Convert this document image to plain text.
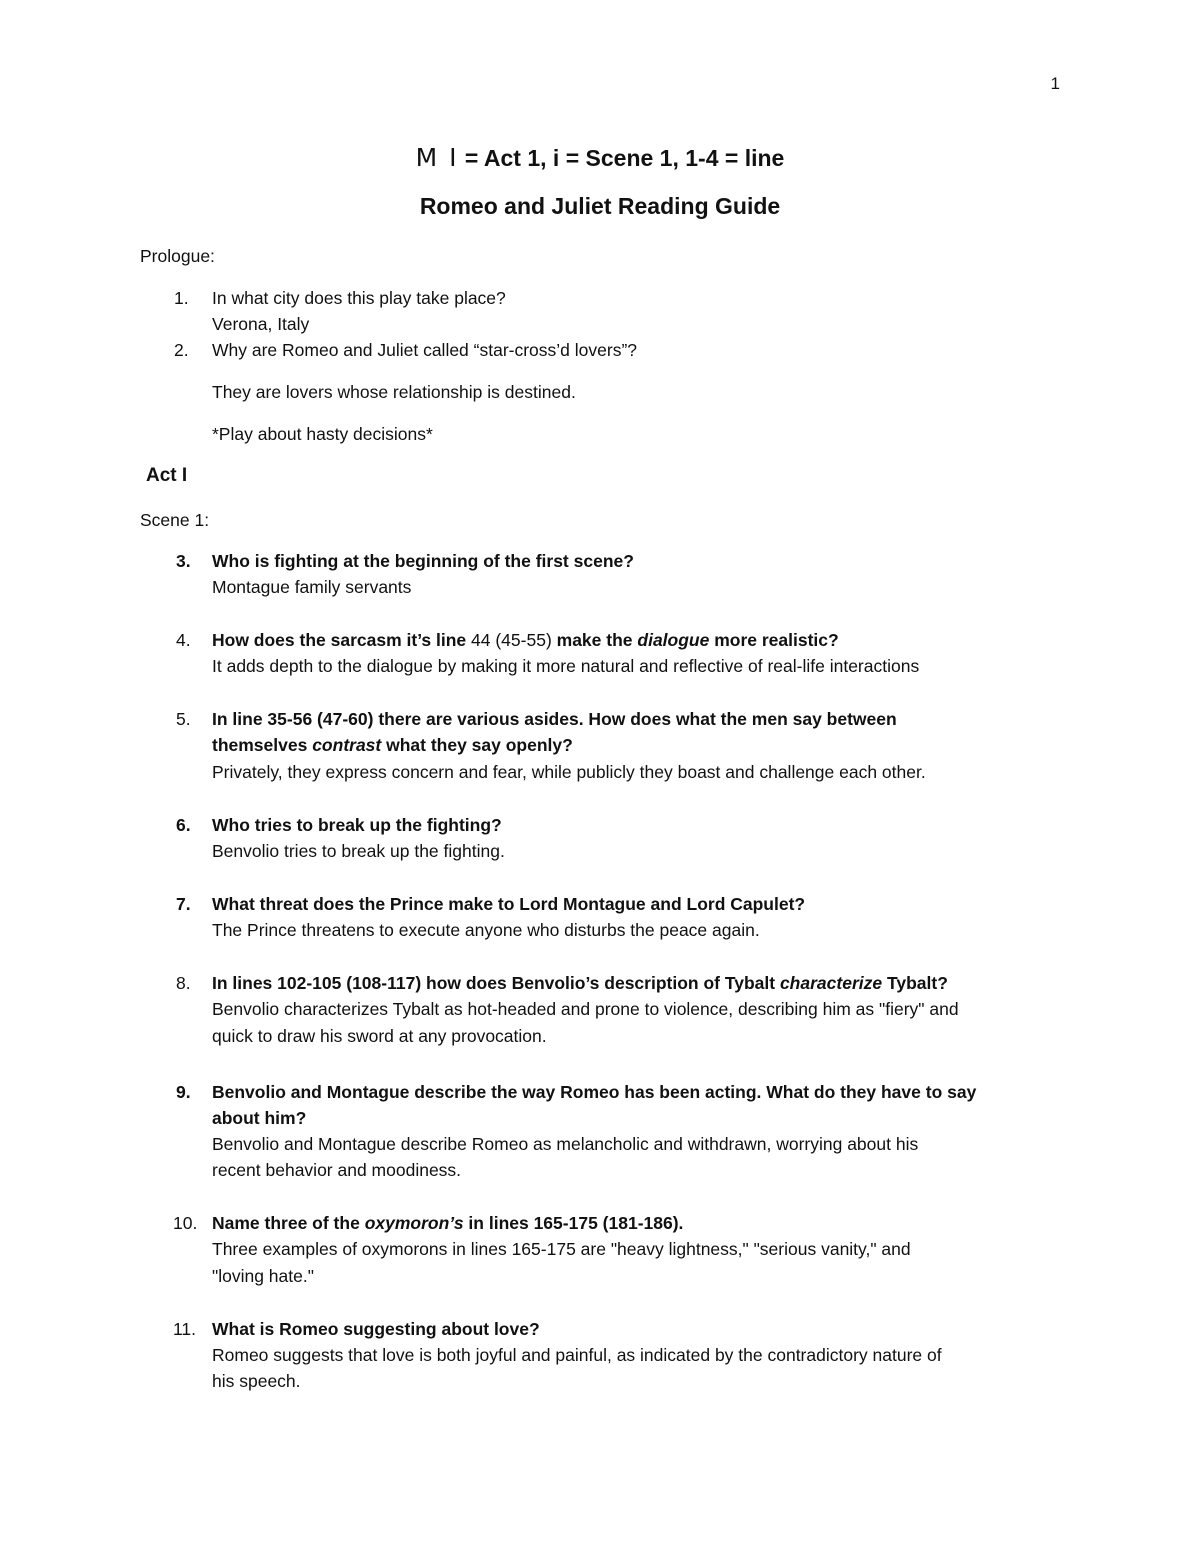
1
M I = Act 1, i = Scene 1, 1-4 = line
Romeo and Juliet Reading Guide
Prologue:
1. In what city does this play take place?
Verona, Italy
2. Why are Romeo and Juliet called “star-cross’d lovers”?
They are lovers whose relationship is destined.
*Play about hasty decisions*
Act I
Scene 1:
3. Who is fighting at the beginning of the first scene?
Montague family servants
4. How does the sarcasm it’s line 44 (45-55) make the dialogue more realistic?
It adds depth to the dialogue by making it more natural and reflective of real-life interactions
5. In line 35-56 (47-60) there are various asides. How does what the men say between
themselves contrast what they say openly?
Privately, they express concern and fear, while publicly they boast and challenge each other.
6. Who tries to break up the fighting?
Benvolio tries to break up the fighting.
7. What threat does the Prince make to Lord Montague and Lord Capulet?
The Prince threatens to execute anyone who disturbs the peace again.
8. In lines 102-105 (108-117) how does Benvolio’s description of Tybalt characterize Tybalt?
Benvolio characterizes Tybalt as hot-headed and prone to violence, describing him as "fiery" and
quick to draw his sword at any provocation.
9. Benvolio and Montague describe the way Romeo has been acting. What do they have to say
about him?
Benvolio and Montague describe Romeo as melancholic and withdrawn, worrying about his
recent behavior and moodiness.
10. Name three of the oxymoron’s in lines 165-175 (181-186).
Three examples of oxymorons in lines 165-175 are "heavy lightness," "serious vanity," and
"loving hate."
11. What is Romeo suggesting about love?
Romeo suggests that love is both joyful and painful, as indicated by the contradictory nature of
his speech.
